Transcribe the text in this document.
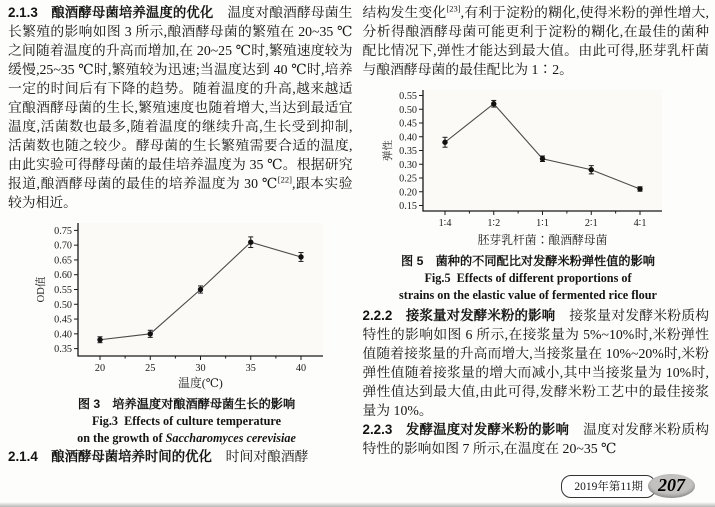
2.1.3 酿酒酵母菌培养温度的优化 温度对酿酒酵母菌生长繁殖的影响如图 3 所示,酿酒酵母菌的繁殖在 20~35 ℃之间随着温度的升高而增加,在 20~25 ℃时,繁殖速度较为缓慢,25~35 ℃时,繁殖较为迅速;当温度达到 40 ℃时,培养一定的时间后有下降的趋势。随着温度的升高,越来越适宜酿酒酵母菌的生长,繁殖速度也随着增大,当达到最适宜温度,活菌数也最多,随着温度的继续升高,生长受到抑制,活菌数也随之较少。酵母菌的生长繁殖需要合适的温度,由此实验可得酵母菌的最佳培养温度为 35 ℃。根据研究报道,酿酒酵母菌的最佳的培养温度为 30 ℃[22],跟本实验较为相近。

0.35
0.40
0.45
0.50
0.55
0.60
0.65
0.70
0.75
20	25	30	35	40
温度(℃)
OD值
图 3 培养温度对酿酒酵母菌生长的影响
Fig.3 Effects of culture temperature
on the growth of Saccharomyces cerevisiae

2.1.4 酿酒酵母菌培养时间的优化 时间对酿酒酵

结构发生变化[23],有利于淀粉的糊化,使得米粉的弹性增大,分析得酿酒酵母菌可能更利于淀粉的糊化,在最佳的菌种配比情况下,弹性才能达到最大值。由此可得,胚芽乳杆菌与酿酒酵母菌的最佳配比为 1∶2。

0.15
0.20
0.25
0.30
0.35
0.40
0.45
0.50
0.55
1∶4	1∶2	1∶1	2∶1	4∶1
胚芽乳杆菌∶酿酒酵母菌
弹性
图 5 菌种的不同配比对发酵米粉弹性值的影响
Fig.5 Effects of different proportions of
strains on the elastic value of fermented rice flour

2.2.2 接浆量对发酵米粉的影响 接浆量对发酵米粉质构特性的影响如图 6 所示,在接浆量为 5%~10%时,米粉弹性值随着接浆量的升高而增大,当接浆量在 10%~20%时,米粉弹性值随着接浆量的增大而减小,其中当接浆量为 10%时,弹性值达到最大值,由此可得,发酵米粉工艺中的最佳接浆量为 10%。

2.2.3 发酵温度对发酵米粉的影响 温度对发酵米粉质构特性的影响如图 7 所示,在温度在 20~35 ℃

2019年第11期 207
